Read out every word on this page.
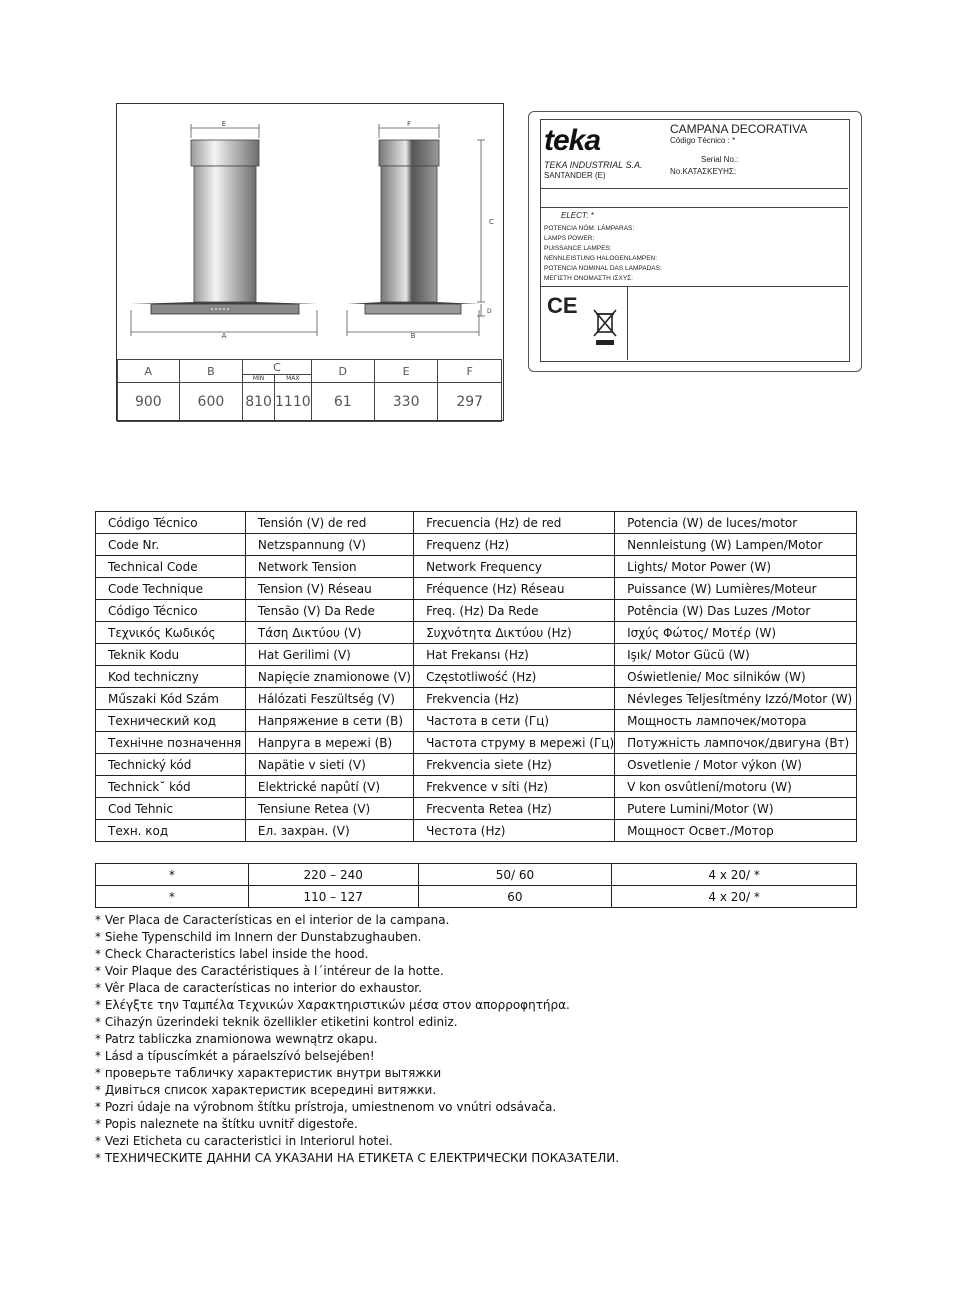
E
A
F
B
C
D
A	B	C		D	E	F
		MIN	MAX			
900	600	810	1110	61	330	297
teka	CAMPANA DECORATIVA
Código Técnico : *
TEKA INDUSTRIAL S.A.
SANTANDER (E)
Serial No.:
No.ΚΑΤΑΣΚΕΥΗΣ:
ELECT: *
POTENCIA NÓM. LÁMPARAS:
LAMPS POWER:
PUISSANCE LAMPES:
NENNLEISTUNG HALOGENLAMPEN:
POTENCIA NOMINAL DAS LAMPADAS:
ΜΕΓΙΣΤΗ ΟΝΟΜΑΣΤΗ ΙΣΧΥΣ:
CE
Código Técnico	Tensión (V) de red	Frecuencia (Hz) de red	Potencia (W) de luces/motor
Code Nr.	Netzspannung (V)	Frequenz (Hz)	Nennleistung (W) Lampen/Motor
Technical Code	Network Tension	Network Frequency	Lights/ Motor Power (W)
Code Technique	Tension (V) Réseau	Fréquence (Hz) Réseau	Puissance (W) Lumières/Moteur
Código Técnico	Tensão (V) Da Rede	Freq. (Hz) Da Rede	Potência (W) Das Luzes /Motor
Τεχνικός Κωδικός	Τάση Δικτύου (V)	Συχνότητα Δικτύου (Hz)	Ισχύς Φώτος/ Μοτέρ (W)
Teknik Kodu	Hat Gerilimi (V)	Hat Frekansı (Hz)	Işık/ Motor Gücü (W)
Kod techniczny	Napięcie znamionowe (V)	Częstotliwość (Hz)	Oświetlenie/ Moc silników (W)
Műszaki Kód Szám	Hálózati Feszültség (V)	Frekvencia (Hz)	Névleges Teljesítmény Izzó/Motor (W)
Технический код	Напряжение в сети (В)	Частота в сети (Гц)	Мощность лампочек/мотора
Технічне позначення	Напруга в мережі (В)	Частота струму в мережі (Гц)	Потужність лампочок/двигуна (Вт)
Technický kód	Napätie v sieti (V)	Frekvencia siete (Hz)	Osvetlenie / Motor výkon (W)
Technick˘ kód	Elektrické napûtí (V)	Frekvence v síti (Hz)	V kon osvûtlení/motoru (W)
Cod Tehnic	Tensiune Retea (V)	Frecventa Retea (Hz)	Putere Lumini/Motor (W)
Техн. код	Ел. захран. (V)	Честота (Hz)	Мощност Освет./Мотор
*	220 – 240	50/ 60	4 x 20/ *
*	110 – 127	60	4 x 20/ *
* Ver Placa de Características en el interior de la campana.
* Siehe Typenschild im Innern der Dunstabzughauben.
* Check Characteristics label inside the hood.
* Voir Plaque des Caractéristiques à l´intéreur de la hotte.
* Vêr Placa de características no interior do exhaustor.
* Ελέγξτε την Ταμπέλα Τεχνικών Χαρακτηριστικών μέσα στον απορροφητήρα.
* Cihazýn üzerindeki teknik özellikler etiketini kontrol ediniz.
* Patrz tabliczka znamionowa wewnątrz okapu.
* Lásd a típuscímkét a páraelszívó belsejében!
* проверьте табличку характеристик внутри вытяжки
* Дивіться список характеристик всередині витяжки.
* Pozri údaje na výrobnom štítku prístroja, umiestnenom vo vnútri odsávača.
* Popis naleznete na štítku uvnitř digestoře.
* Vezi Eticheta cu caracteristici in Interiorul hotei.
* ТЕХНИЧЕСКИТЕ ДАННИ СА УКАЗАНИ НА ЕТИКЕТА С ЕЛЕКТРИЧЕСКИ ПОКАЗАТЕЛИ.
